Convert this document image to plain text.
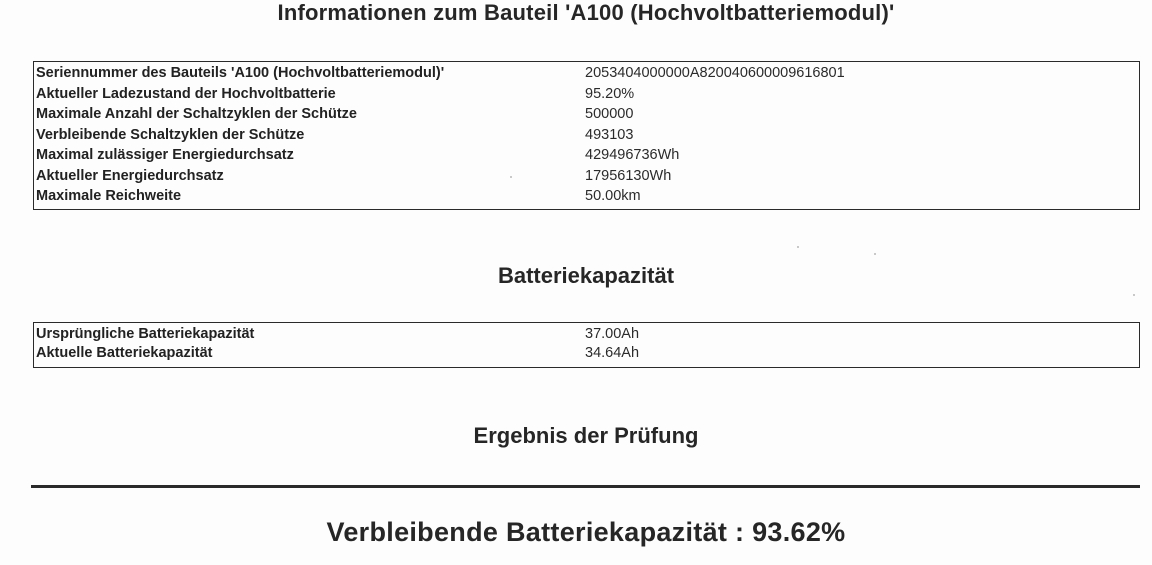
Informationen zum Bauteil 'A100 (Hochvoltbatteriemodul)'
Seriennummer des Bauteils 'A100 (Hochvoltbatteriemodul)'	2053404000000A820040600009616801
Aktueller Ladezustand der Hochvoltbatterie	95.20%
Maximale Anzahl der Schaltzyklen der Schütze	500000
Verbleibende Schaltzyklen der Schütze	493103
Maximal zulässiger Energiedurchsatz	429496736Wh
Aktueller Energiedurchsatz	17956130Wh
Maximale Reichweite	50.00km
Batteriekapazität
Ursprüngliche Batteriekapazität	37.00Ah
Aktuelle Batteriekapazität	34.64Ah
Ergebnis der Prüfung
Verbleibende Batteriekapazität : 93.62%
